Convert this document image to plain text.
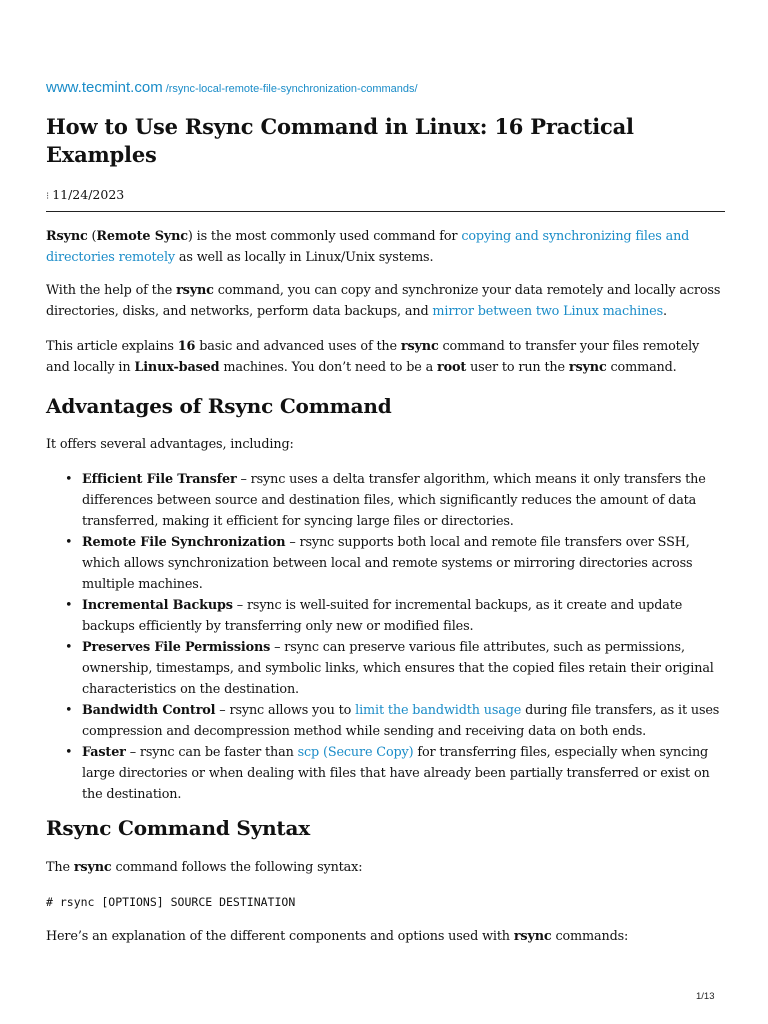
www.tecmint.com /rsync-local-remote-file-synchronization-commands/
How to Use Rsync Command in Linux: 16 Practical Examples
⁝ 11/24/2023

Rsync (Remote Sync) is the most commonly used command for copying and synchronizing files and directories remotely as well as locally in Linux/Unix systems.

With the help of the rsync command, you can copy and synchronize your data remotely and locally across directories, disks, and networks, perform data backups, and mirror between two Linux machines.

This article explains 16 basic and advanced uses of the rsync command to transfer your files remotely and locally in Linux-based machines. You don’t need to be a root user to run the rsync command.

Advantages of Rsync Command

It offers several advantages, including:

• Efficient File Transfer – rsync uses a delta transfer algorithm, which means it only transfers the differences between source and destination files, which significantly reduces the amount of data transferred, making it efficient for syncing large files or directories.
• Remote File Synchronization – rsync supports both local and remote file transfers over SSH, which allows synchronization between local and remote systems or mirroring directories across multiple machines.
• Incremental Backups – rsync is well-suited for incremental backups, as it create and update backups efficiently by transferring only new or modified files.
• Preserves File Permissions – rsync can preserve various file attributes, such as permissions, ownership, timestamps, and symbolic links, which ensures that the copied files retain their original characteristics on the destination.
• Bandwidth Control – rsync allows you to limit the bandwidth usage during file transfers, as it uses compression and decompression method while sending and receiving data on both ends.
• Faster – rsync can be faster than scp (Secure Copy) for transferring files, especially when syncing large directories or when dealing with files that have already been partially transferred or exist on the destination.
Rsync Command Syntax

The rsync command follows the following syntax:

# rsync [OPTIONS] SOURCE DESTINATION

Here’s an explanation of the different components and options used with rsync commands:

1/13
